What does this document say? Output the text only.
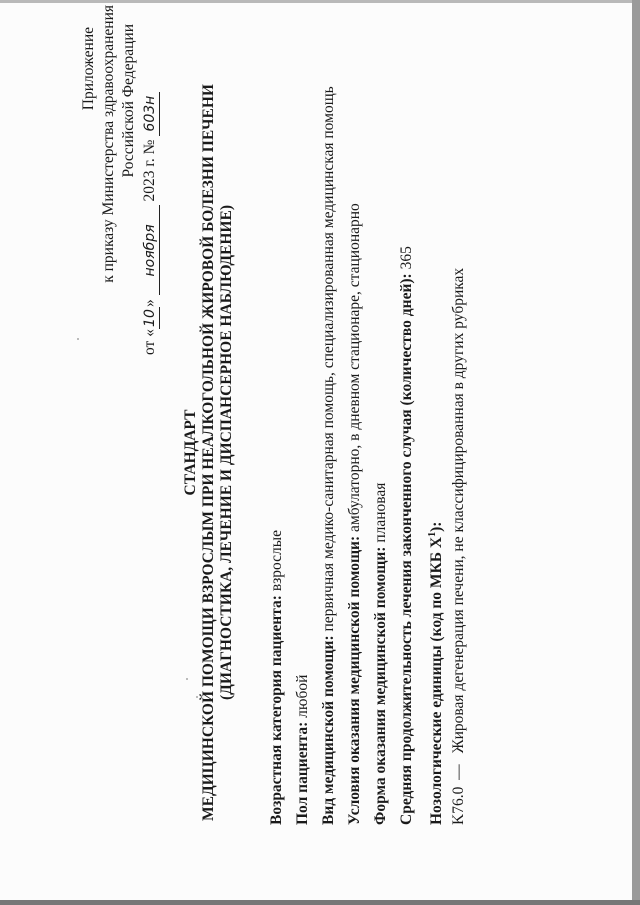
Приложение к приказу Министерства здравоохранения Российской Федерации
от «10» ноября 2023 г. № 603н
СТАНДАРТ МЕДИЦИНСКОЙ ПОМОЩИ ВЗРОСЛЫМ ПРИ НЕАЛКОГОЛЬНОЙ ЖИРОВОЙ БОЛЕЗНИ ПЕЧЕНИ (ДИАГНОСТИКА, ЛЕЧЕНИЕ И ДИСПАНСЕРНОЕ НАБЛЮДЕНИЕ)
Возрастная категория пациента: взрослые
Пол пациента: любой Вид медицинской помощи: первичная медико-санитарная помощь, специализированная медицинская помощь
Условия оказания медицинской помощи: амбулаторно, в дневном стационаре, стационарно
Форма оказания медицинской помощи: плановая Средняя продолжительность лечения законченного случая (количество дней): 365
Нозологические единицы (код по МКБ $X^1$):
K76.0 — Жировая дегенерация печени, не классифицированная в других рубриках
